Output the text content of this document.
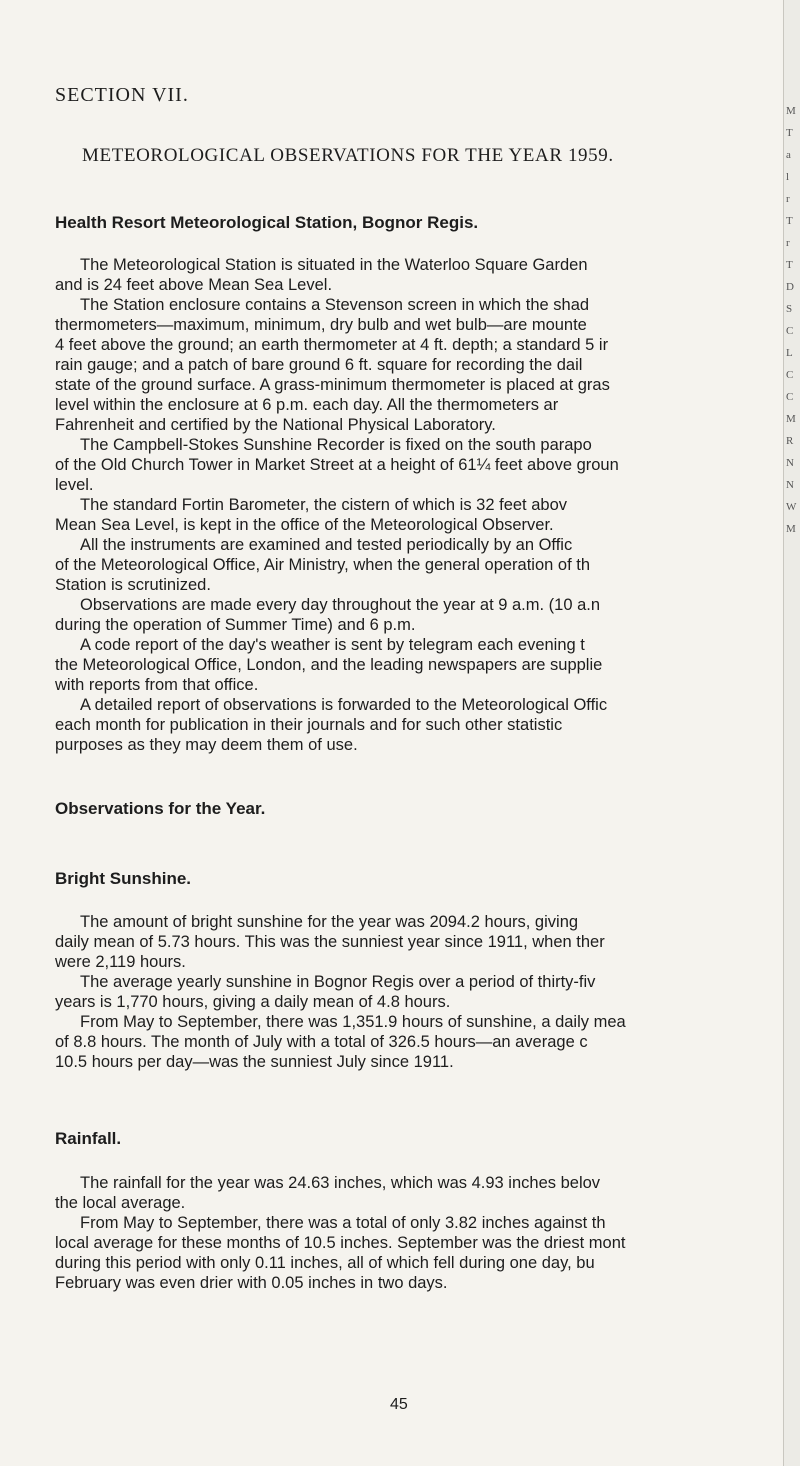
SECTION VII.
METEOROLOGICAL OBSERVATIONS FOR THE YEAR 1959.
Health Resort Meteorological Station, Bognor Regis.

The Meteorological Station is situated in the Waterloo Square Garden

and is 24 feet above Mean Sea Level.

The Station enclosure contains a Stevenson screen in which the shad

thermometers—maximum, minimum, dry bulb and wet bulb—are mounte

4 feet above the ground; an earth thermometer at 4 ft. depth; a standard 5 ir

rain gauge; and a patch of bare ground 6 ft. square for recording the dail

state of the ground surface. A grass-minimum thermometer is placed at gras

level within the enclosure at 6 p.m. each day. All the thermometers ar

Fahrenheit and certified by the National Physical Laboratory.

The Campbell-Stokes Sunshine Recorder is fixed on the south parapo

of the Old Church Tower in Market Street at a height of 61¼ feet above groun

level.

The standard Fortin Barometer, the cistern of which is 32 feet abov

Mean Sea Level, is kept in the office of the Meteorological Observer.

All the instruments are examined and tested periodically by an Offic

of the Meteorological Office, Air Ministry, when the general operation of th

Station is scrutinized.

Observations are made every day throughout the year at 9 a.m. (10 a.n

during the operation of Summer Time) and 6 p.m.

A code report of the day's weather is sent by telegram each evening t

the Meteorological Office, London, and the leading newspapers are supplie

with reports from that office.

A detailed report of observations is forwarded to the Meteorological Offic

each month for publication in their journals and for such other statistic

purposes as they may deem them of use.

Observations for the Year.
Bright Sunshine.

The amount of bright sunshine for the year was 2094.2 hours, giving

daily mean of 5.73 hours. This was the sunniest year since 1911, when ther

were 2,119 hours.

The average yearly sunshine in Bognor Regis over a period of thirty-fiv

years is 1,770 hours, giving a daily mean of 4.8 hours.

From May to September, there was 1,351.9 hours of sunshine, a daily mea

of 8.8 hours. The month of July with a total of 326.5 hours—an average c

10.5 hours per day—was the sunniest July since 1911.

Rainfall.

The rainfall for the year was 24.63 inches, which was 4.93 inches belov

the local average.

From May to September, there was a total of only 3.82 inches against th

local average for these months of 10.5 inches. September was the driest mont

during this period with only 0.11 inches, all of which fell during one day, bu

February was even drier with 0.05 inches in two days.

45

M
T
a
l
r
T
r
T
D
S
C
L
C
C
M
R
N
N
W
M
